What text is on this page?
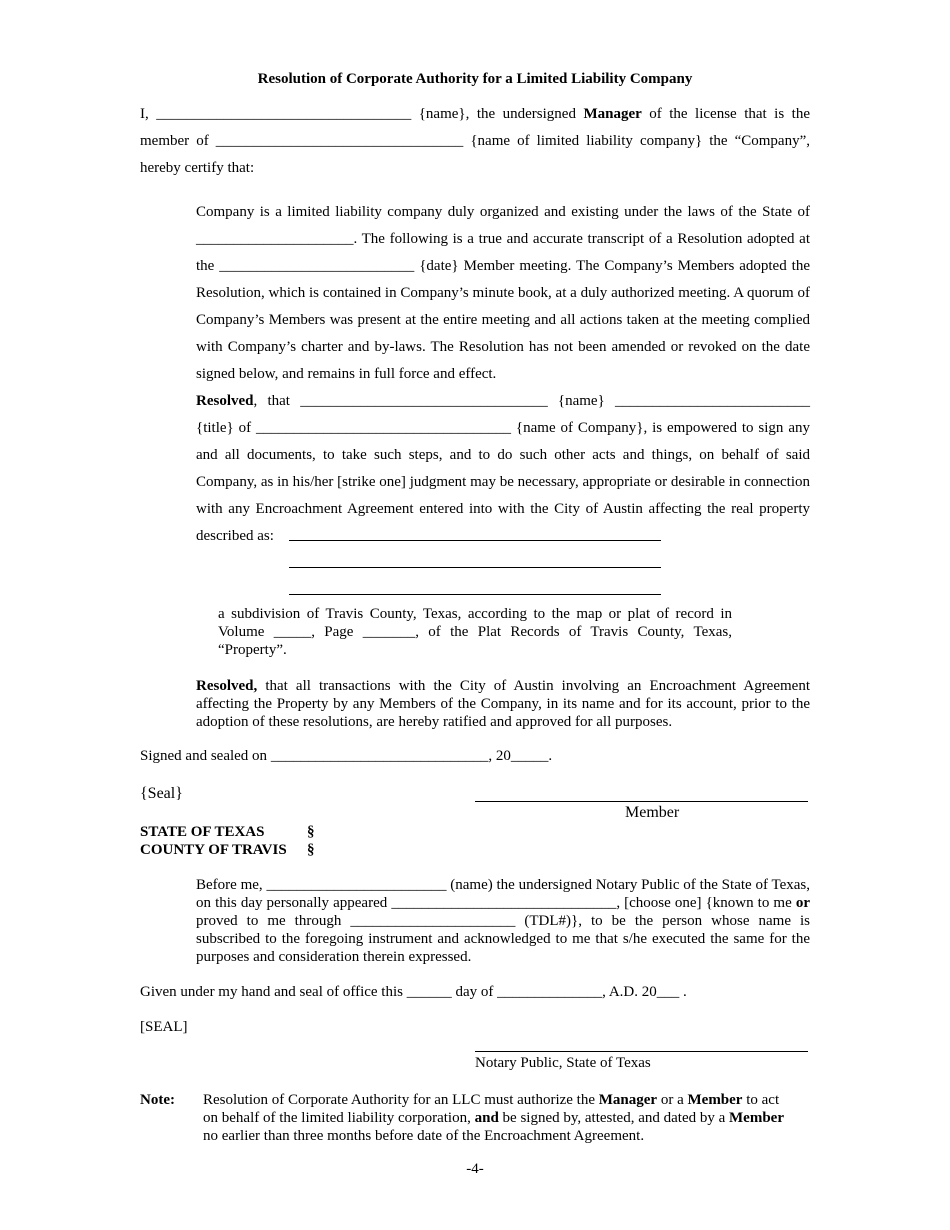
Resolution of Corporate Authority for a Limited Liability Company
I, __________________________________ {name}, the undersigned Manager of the license that is the member of _________________________________ {name of limited liability company} the “Company”, hereby certify that:
Company is a limited liability company duly organized and existing under the laws of the State of _____________________. The following is a true and accurate transcript of a Resolution adopted at the __________________________ {date} Member meeting. The Company’s Members adopted the Resolution, which is contained in Company’s minute book, at a duly authorized meeting. A quorum of Company’s Members was present at the entire meeting and all actions taken at the meeting complied with Company’s charter and by-laws. The Resolution has not been amended or revoked on the date signed below, and remains in full force and effect.
Resolved, that _________________________________ {name} __________________________ {title} of __________________________________ {name of Company}, is empowered to sign any and all documents, to take such steps, and to do such other acts and things, on behalf of said Company, as in his/her [strike one] judgment may be necessary, appropriate or desirable in connection with any Encroachment Agreement entered into with the City of Austin affecting the real property described as:
a subdivision of Travis County, Texas, according to the map or plat of record in Volume _____, Page _______, of the Plat Records of Travis County, Texas, “Property”.
Resolved, that all transactions with the City of Austin involving an Encroachment Agreement affecting the Property by any Members of the Company, in its name and for its account, prior to the adoption of these resolutions, are hereby ratified and approved for all purposes.
Signed and sealed on _____________________________, 20_____.
{Seal}
Member
STATE OF TEXAS	§
COUNTY OF TRAVIS §
Before me, ________________________ (name) the undersigned Notary Public of the State of Texas, on this day personally appeared ______________________________, [choose one] {known to me or proved to me through ______________________ (TDL#)}, to be the person whose name is subscribed to the foregoing instrument and acknowledged to me that s/he executed the same for the purposes and consideration therein expressed.
Given under my hand and seal of office this ______ day of ______________, A.D. 20___ .
[SEAL]
Notary Public, State of Texas
Note: Resolution of Corporate Authority for an LLC must authorize the Manager or a Member to act on behalf of the limited liability corporation, and be signed by, attested, and dated by a Member no earlier than three months before date of the Encroachment Agreement.
-4-
